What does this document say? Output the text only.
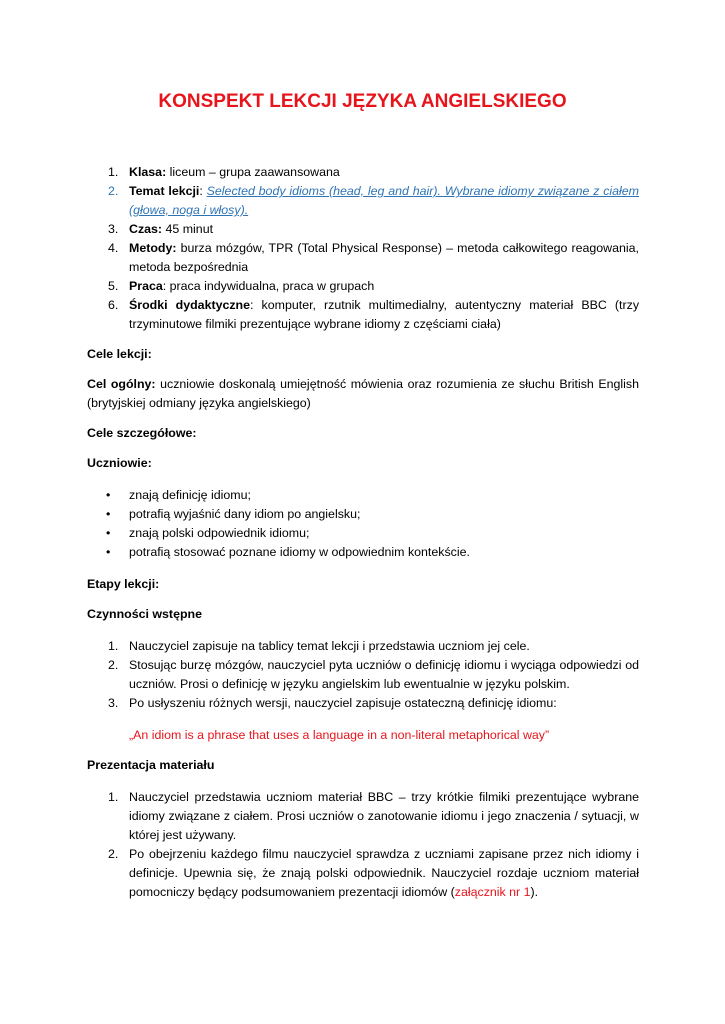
KONSPEKT LEKCJI JĘZYKA ANGIELSKIEGO
1. Klasa: liceum – grupa zaawansowana
2. Temat lekcji: Selected body idioms (head, leg and hair). Wybrane idiomy związane z ciałem (głowa, noga i włosy).
3. Czas: 45 minut
4. Metody: burza mózgów, TPR (Total Physical Response) – metoda całkowitego reagowania, metoda bezpośrednia
5. Praca: praca indywidualna, praca w grupach
6. Środki dydaktyczne: komputer, rzutnik multimedialny, autentyczny materiał BBC (trzy trzyminutowe filmiki prezentujące wybrane idiomy z częściami ciała)
Cele lekcji:
Cel ogólny: uczniowie doskonalą umiejętność mówienia oraz rozumienia ze słuchu British English (brytyjskiej odmiany języka angielskiego)
Cele szczegółowe:
Uczniowie:
• znają definicję idiomu;
• potrafią wyjaśnić dany idiom po angielsku;
• znają polski odpowiednik idiomu;
• potrafią stosować poznane idiomy w odpowiednim kontekście.
Etapy lekcji:
Czynności wstępne
1. Nauczyciel zapisuje na tablicy temat lekcji i przedstawia uczniom jej cele.
2. Stosując burzę mózgów, nauczyciel pyta uczniów o definicję idiomu i wyciąga odpowiedzi od uczniów. Prosi o definicję w języku angielskim lub ewentualnie w języku polskim.
3. Po usłyszeniu różnych wersji, nauczyciel zapisuje ostateczną definicję idiomu:
„An idiom is a phrase that uses a language in a non-literal metaphorical way”
Prezentacja materiału
1. Nauczyciel przedstawia uczniom materiał BBC – trzy krótkie filmiki prezentujące wybrane idiomy związane z ciałem. Prosi uczniów o zanotowanie idiomu i jego znaczenia / sytuacji, w której jest używany.
2. Po obejrzeniu każdego filmu nauczyciel sprawdza z uczniami zapisane przez nich idiomy i definicje. Upewnia się, że znają polski odpowiednik. Nauczyciel rozdaje uczniom materiał pomocniczy będący podsumowaniem prezentacji idiomów (załącznik nr 1).
